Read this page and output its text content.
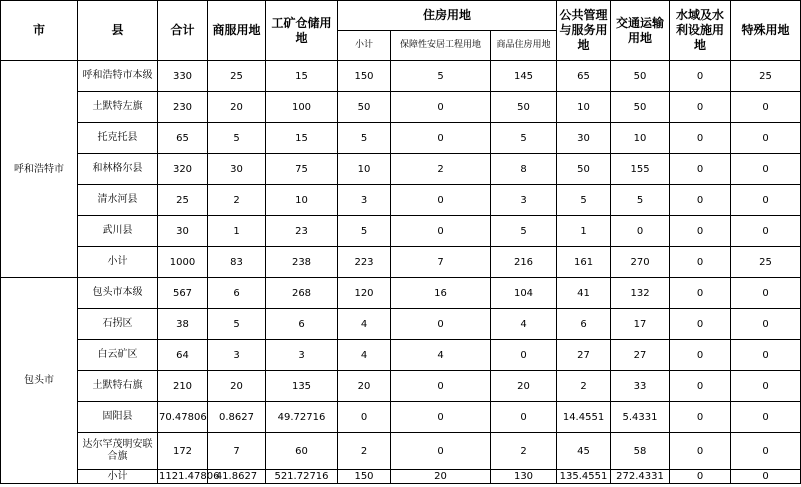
市	县	合计	商服用地	工矿仓储用地	住房用地			公共管理与服务用地	交通运输用地	水域及水利设施用地	特殊用地
					小计	保障性安居工程用地	商品住房用地				
呼和浩特市	呼和浩特市本级	330	25	15	150	5	145	65	50	0	25
	土默特左旗	230	20	100	50	0	50	10	50	0	0
	托克托县	65	5	15	5	0	5	30	10	0	0
	和林格尔县	320	30	75	10	2	8	50	155	0	0
	清水河县	25	2	10	3	0	3	5	5	0	0
	武川县	30	1	23	5	0	5	1	0	0	0
	小计	1000	83	238	223	7	216	161	270	0	25
包头市	包头市本级	567	6	268	120	16	104	41	132	0	0
	石拐区	38	5	6	4	0	4	6	17	0	0
	白云矿区	64	3	3	4	4	0	27	27	0	0
	土默特右旗	210	20	135	20	0	20	2	33	0	0
	固阳县	70.47806	0.8627	49.72716	0	0	0	14.4551	5.4331	0	0
	达尔罕茂明安联合旗	172	7	60	2	0	2	45	58	0	0
	小计	1121.47806	41.8627	521.72716	150	20	130	135.4551	272.4331	0	0
